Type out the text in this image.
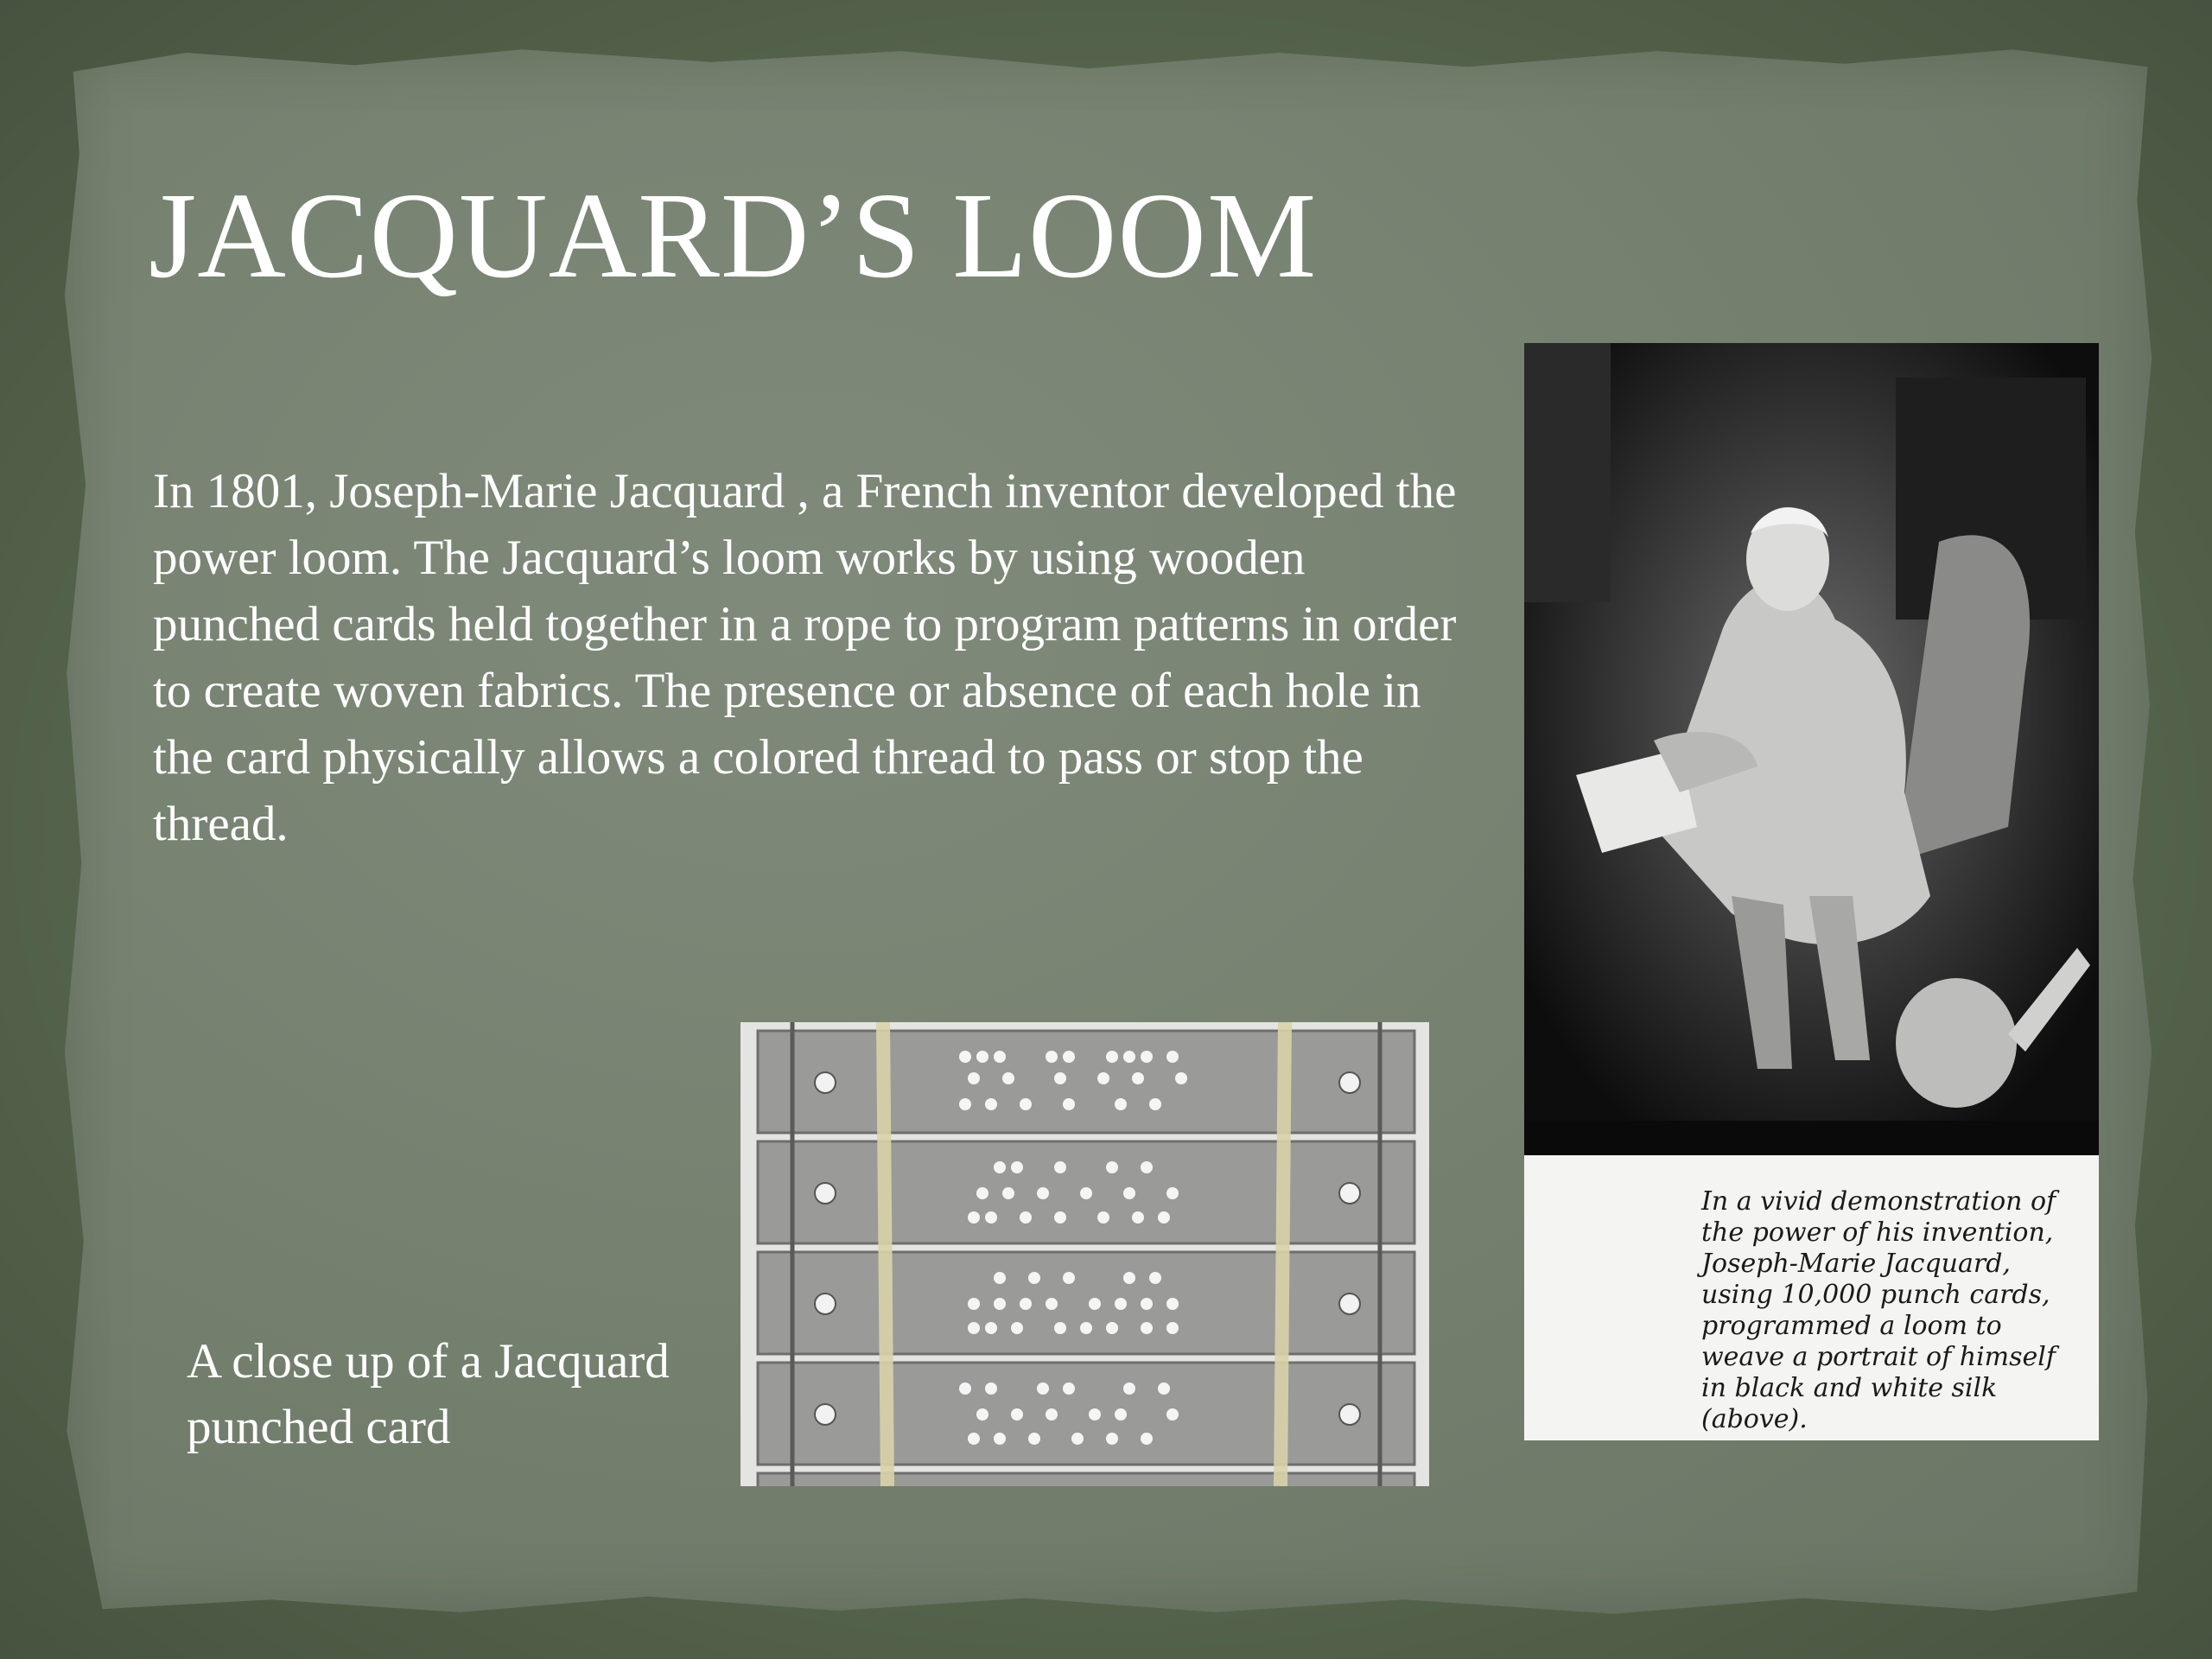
JACQUARD’S LOOM
In 1801, Joseph-Marie Jacquard , a French inventor developed the power loom. The Jacquard’s loom works by using wooden punched cards held together in a rope to program patterns in order to create woven fabrics. The presence or absence of each hole in the card physically allows a colored thread to pass or stop the thread.
A close up of a Jacquard punched card
In a vivid demonstration of
the power of his invention,
Joseph-Marie Jacquard,
using 10,000 punch cards,
programmed a loom to
weave a portrait of himself
in black and white silk
(above).
